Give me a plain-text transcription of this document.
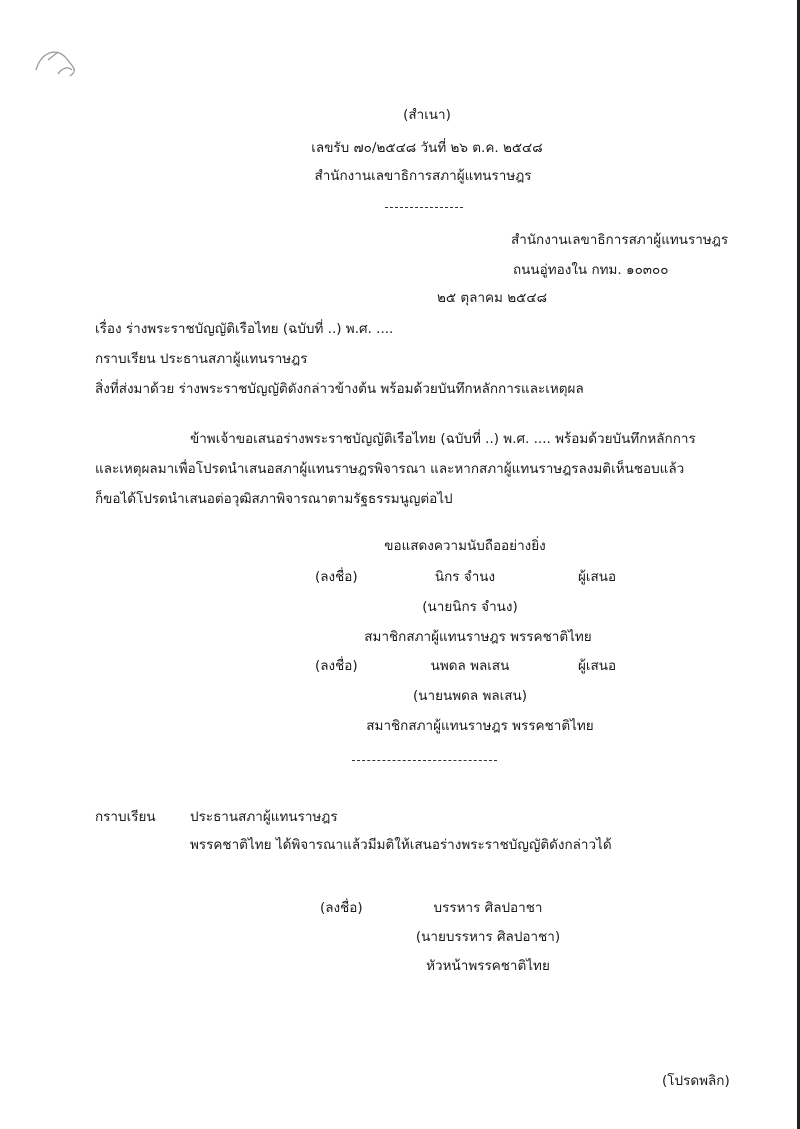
(สำเนา)
เลขรับ ๗๐/๒๕๔๘ วันที่ ๒๖ ต.ค. ๒๕๔๘
สำนักงานเลขาธิการสภาผู้แทนราษฎร
สำนักงานเลขาธิการสภาผู้แทนราษฎร
ถนนอู่ทองใน กทม. ๑๐๓๐๐
๒๕ ตุลาคม ๒๕๔๘
เรื่อง ร่างพระราชบัญญัติเรือไทย (ฉบับที่ ..) พ.ศ. ....
กราบเรียน ประธานสภาผู้แทนราษฎร
สิ่งที่ส่งมาด้วย ร่างพระราชบัญญัติดังกล่าวข้างต้น พร้อมด้วยบันทึกหลักการและเหตุผล
ข้าพเจ้าขอเสนอร่างพระราชบัญญัติเรือไทย (ฉบับที่ ..) พ.ศ. .... พร้อมด้วยบันทึกหลักการ
และเหตุผลมาเพื่อโปรดนำเสนอสภาผู้แทนราษฎรพิจารณา และหากสภาผู้แทนราษฎรลงมติเห็นชอบแล้ว
ก็ขอได้โปรดนำเสนอต่อวุฒิสภาพิจารณาตามรัฐธรรมนูญต่อไป
ขอแสดงความนับถืออย่างยิ่ง
(ลงชื่อ)	นิกร จำนง	ผู้เสนอ
(นายนิกร จำนง)
สมาชิกสภาผู้แทนราษฎร พรรคชาติไทย
(ลงชื่อ)	นพดล พลเสน	ผู้เสนอ
(นายนพดล พลเสน)
สมาชิกสภาผู้แทนราษฎร พรรคชาติไทย
กราบเรียน	ประธานสภาผู้แทนราษฎร
พรรคชาติไทย ได้พิจารณาแล้วมีมติให้เสนอร่างพระราชบัญญัติดังกล่าวได้
(ลงชื่อ)	บรรหาร ศิลปอาชา
(นายบรรหาร ศิลปอาชา)
หัวหน้าพรรคชาติไทย
(โปรดพลิก)
